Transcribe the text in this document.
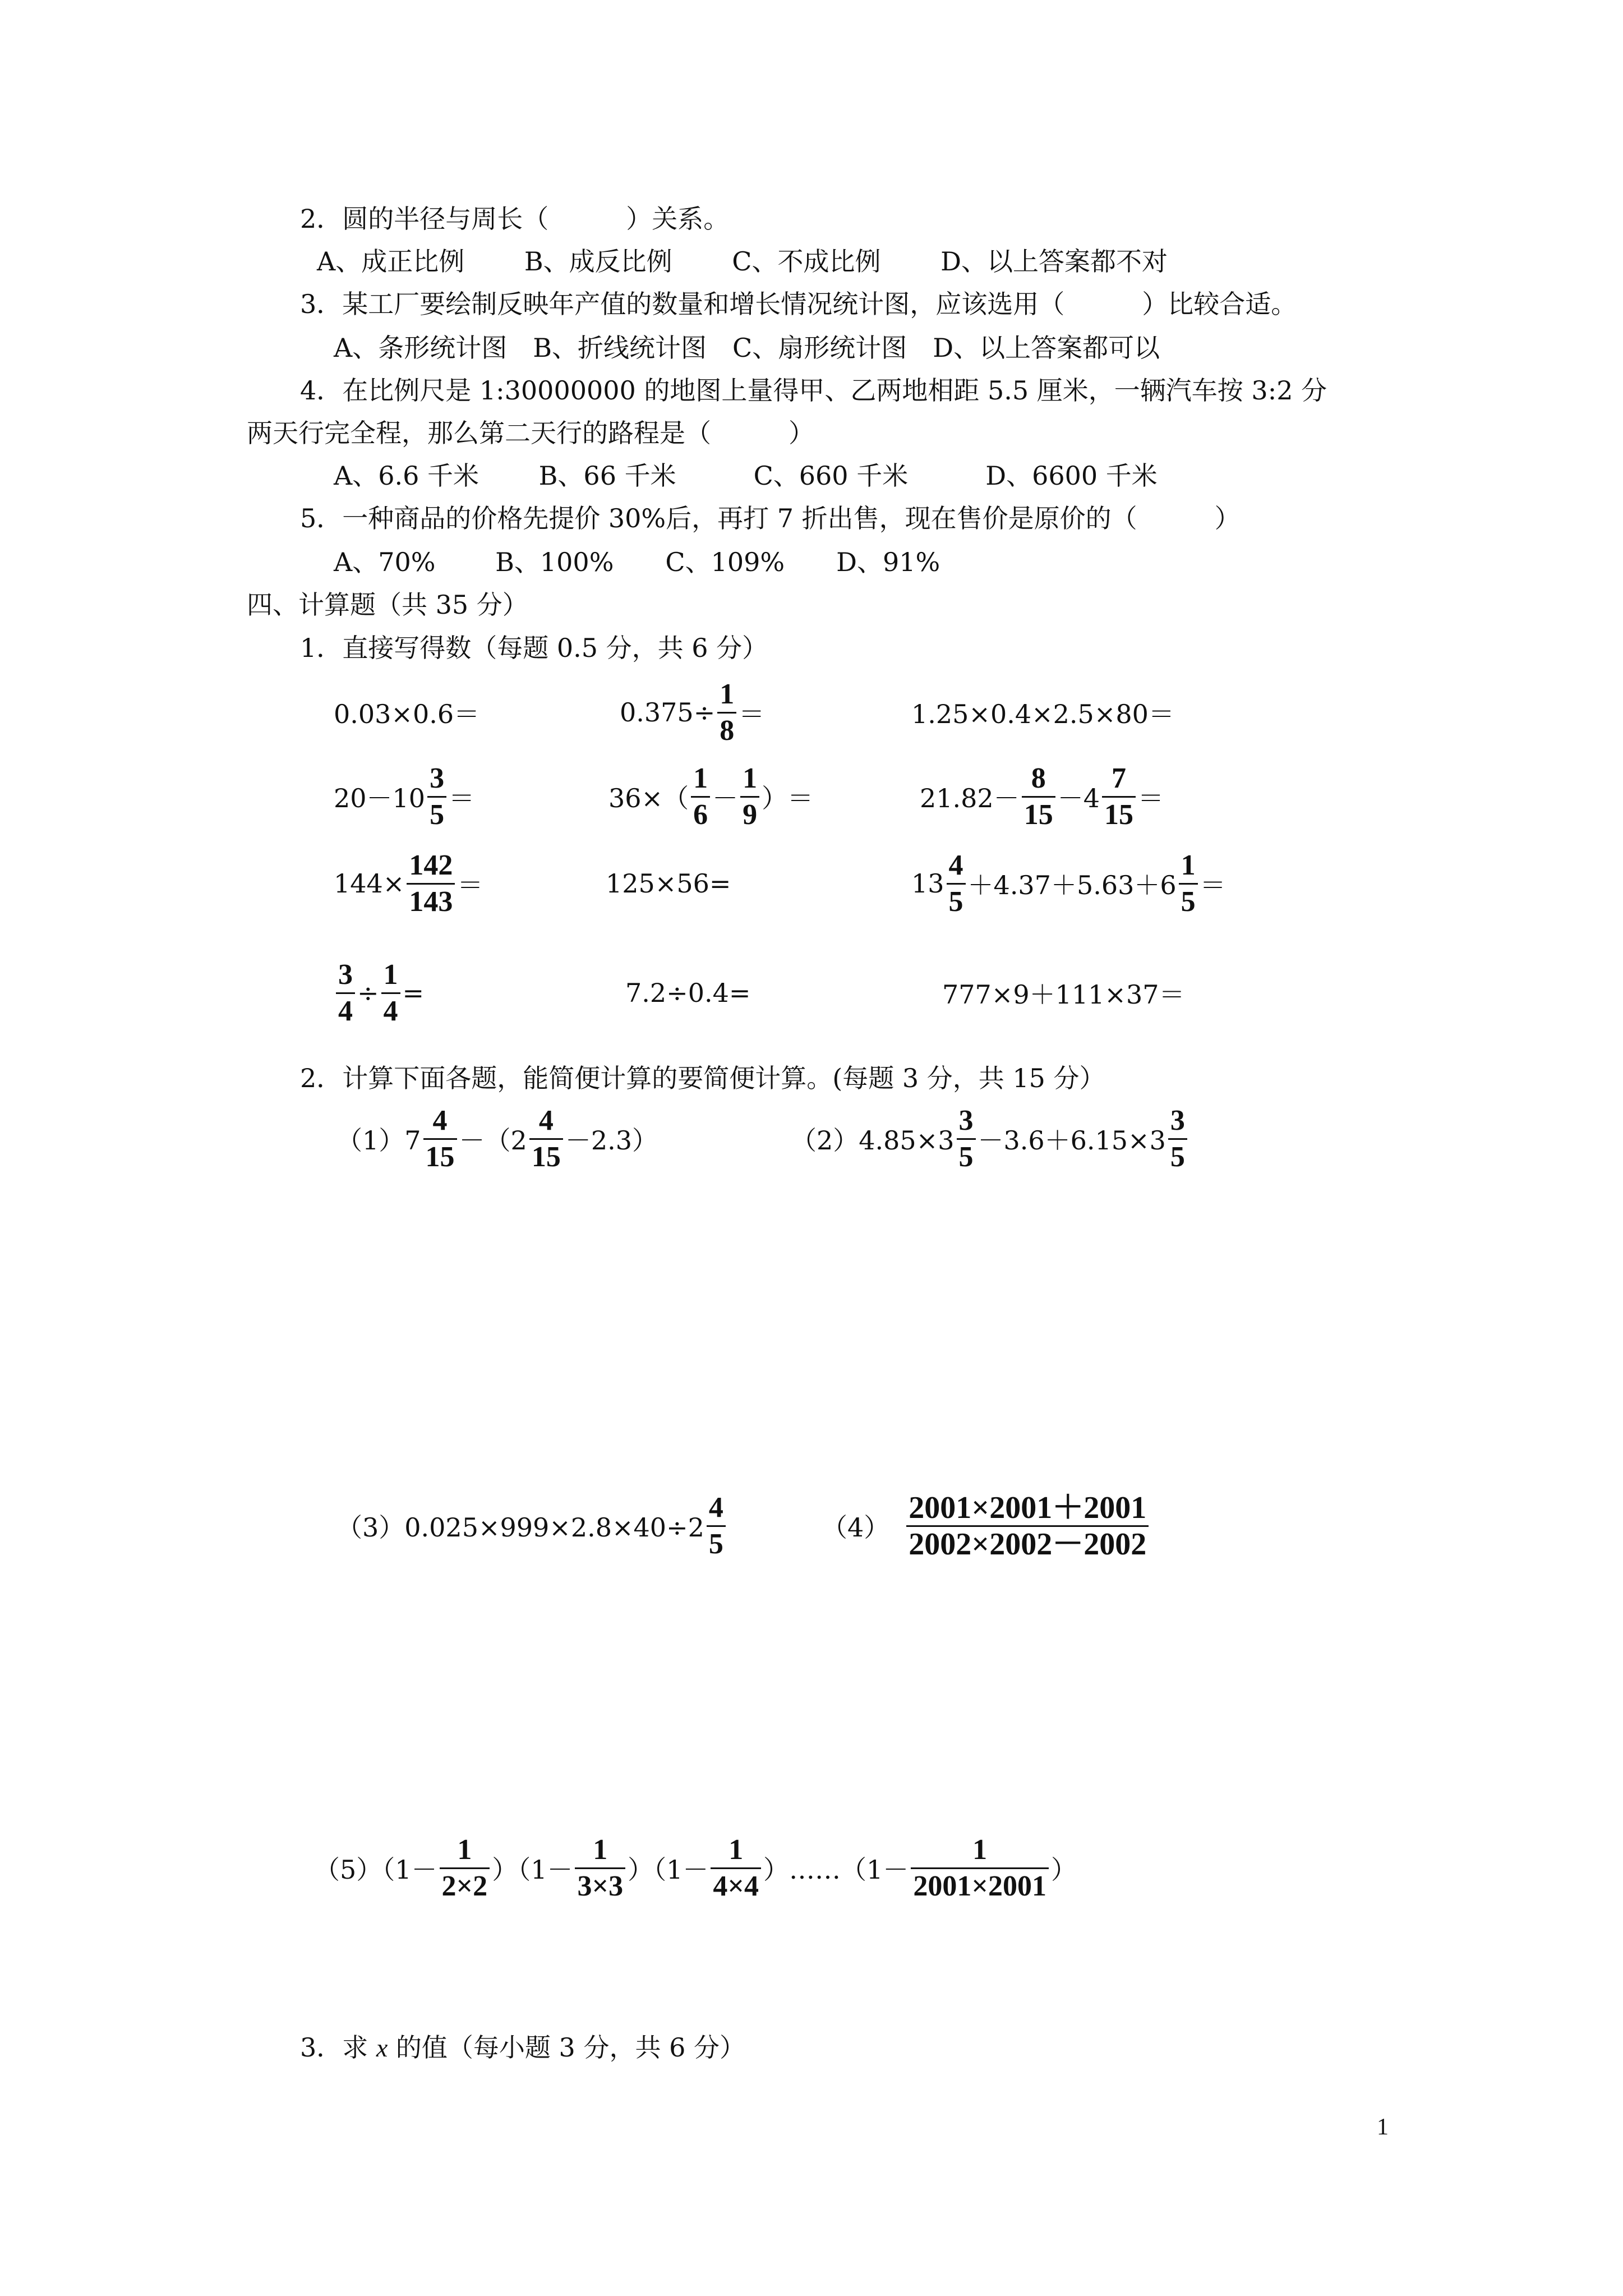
2．圆的半径与周长（　　　）关系。
A、成正比例　　 B、成反比例　　 C、不成比例　　 D、以上答案都不对
3．某工厂要绘制反映年产值的数量和增长情况统计图，应该选用（　　　）比较合适。
A、条形统计图　B、折线统计图　C、扇形统计图　D、以上答案都可以
4．在比例尺是 1:30000000 的地图上量得甲、乙两地相距 5.5 厘米，一辆汽车按 3:2 分
两天行完全程，那么第二天行的路程是（　　　）
A、6.6 千米　　 B、66 千米　　　C、660 千米　　　D、6600 千米
5．一种商品的价格先提价 30%后，再打 7 折出售，现在售价是原价的（　　　）
A、70%　　 B、100%　　C、109%　　D、91%
四、计算题（共 35 分）
1．直接写得数（每题 0.5 分，共 6 分）
0.03×0.6＝	$0.375\div \frac{1}{8}$ ＝	1.25×0.4×2.5×80＝
$20-10 \frac{3}{5}$ ＝	$36\times( \frac{1}{6} - \frac{1}{9}$ ）＝	$21.82- \frac{8}{15} -4 \frac{7}{15}$ ＝
$144\times \frac{142}{143}$ ＝	125×56=	$13 \frac{4}{5} +4.37+5.63+6 \frac{1}{5}$ ＝
$\frac{3}{4} \div \frac{1}{4}$ =	7.2÷0.4=	777×9＋111×37＝
2．计算下面各题，能简便计算的要简便计算。(每题 3 分，共 15 分）
$(1)7 \frac{4}{15} -(2 \frac{4}{15} -2.3)$	$(2)4.85\times 3 \frac{3}{5} -3.6+6.15\times 3 \frac{3}{5}$
$(3)0.025\times 999\times 2.8\times 40\div 2 \frac{4}{5}$	$(4) \frac{2001\times 2001+2001}{2002\times 2002-2002}$
$(5)(1- \frac{1}{2\times 2} )(1- \frac{1}{3\times 3} )(1- \frac{1}{4\times 4}$ ）……（1－ $\frac{1}{2001\times 2001}$ ）
3．求 x 的值（每小题 3 分，共 6 分）
1
